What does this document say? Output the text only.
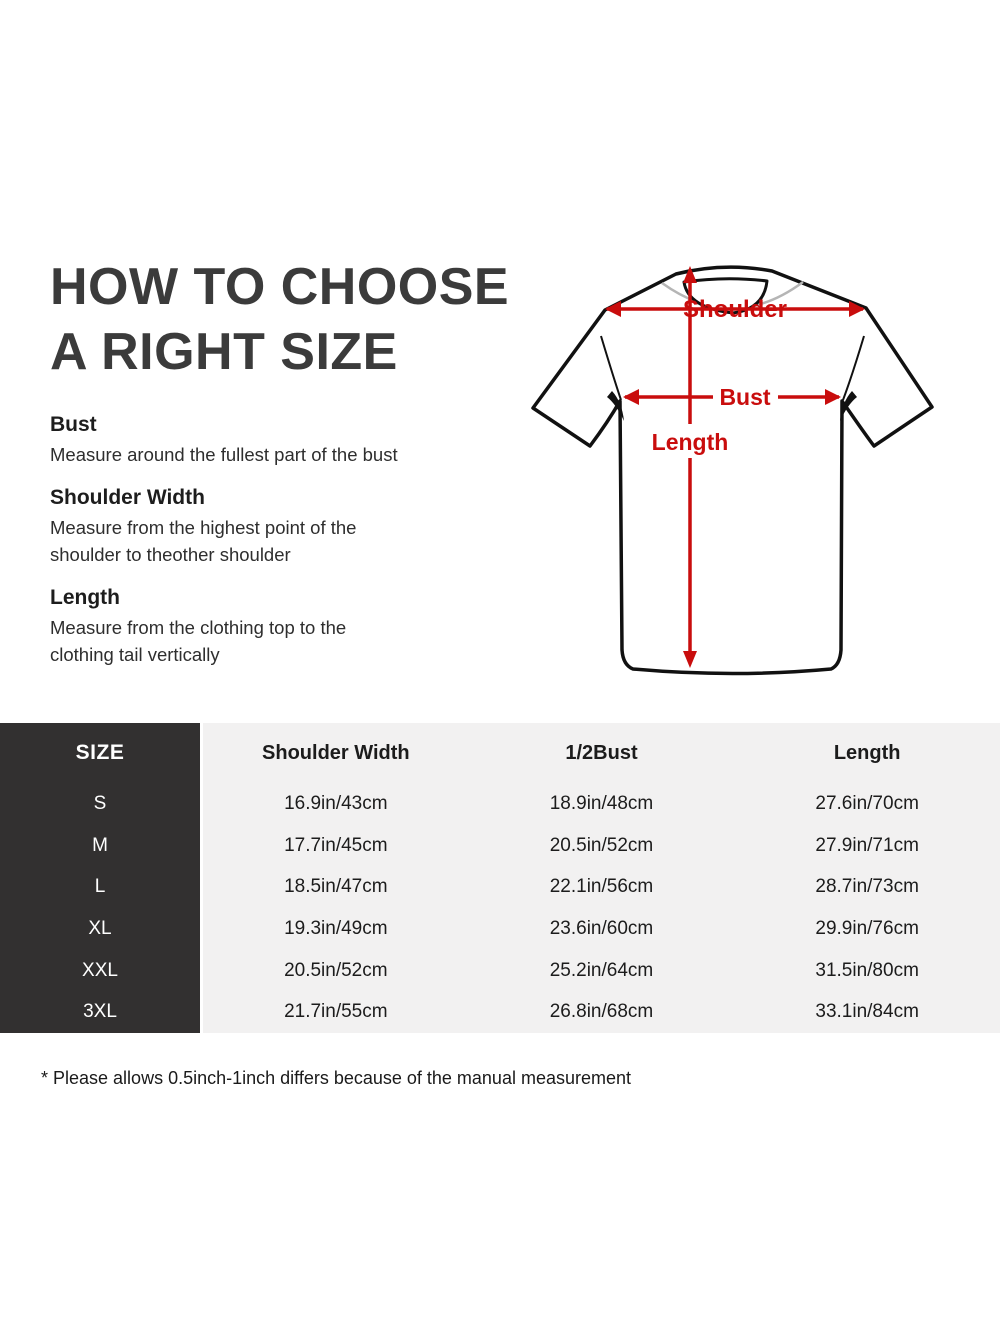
HOW TO CHOOSE
A RIGHT SIZE
Bust
Measure around the fullest part of the bust
Shoulder Width
Measure from the highest point of the
shoulder to theother shoulder
Length
Measure from the clothing top to the
clothing tail vertically
Shoulder
Bust
Length
SIZE	Shoulder Width	1/2Bust	Length
S	16.9in/43cm	18.9in/48cm	27.6in/70cm
M	17.7in/45cm	20.5in/52cm	27.9in/71cm
L	18.5in/47cm	22.1in/56cm	28.7in/73cm
XL	19.3in/49cm	23.6in/60cm	29.9in/76cm
XXL	20.5in/52cm	25.2in/64cm	31.5in/80cm
3XL	21.7in/55cm	26.8in/68cm	33.1in/84cm
* Please allows 0.5inch-1inch differs because of the manual measurement
